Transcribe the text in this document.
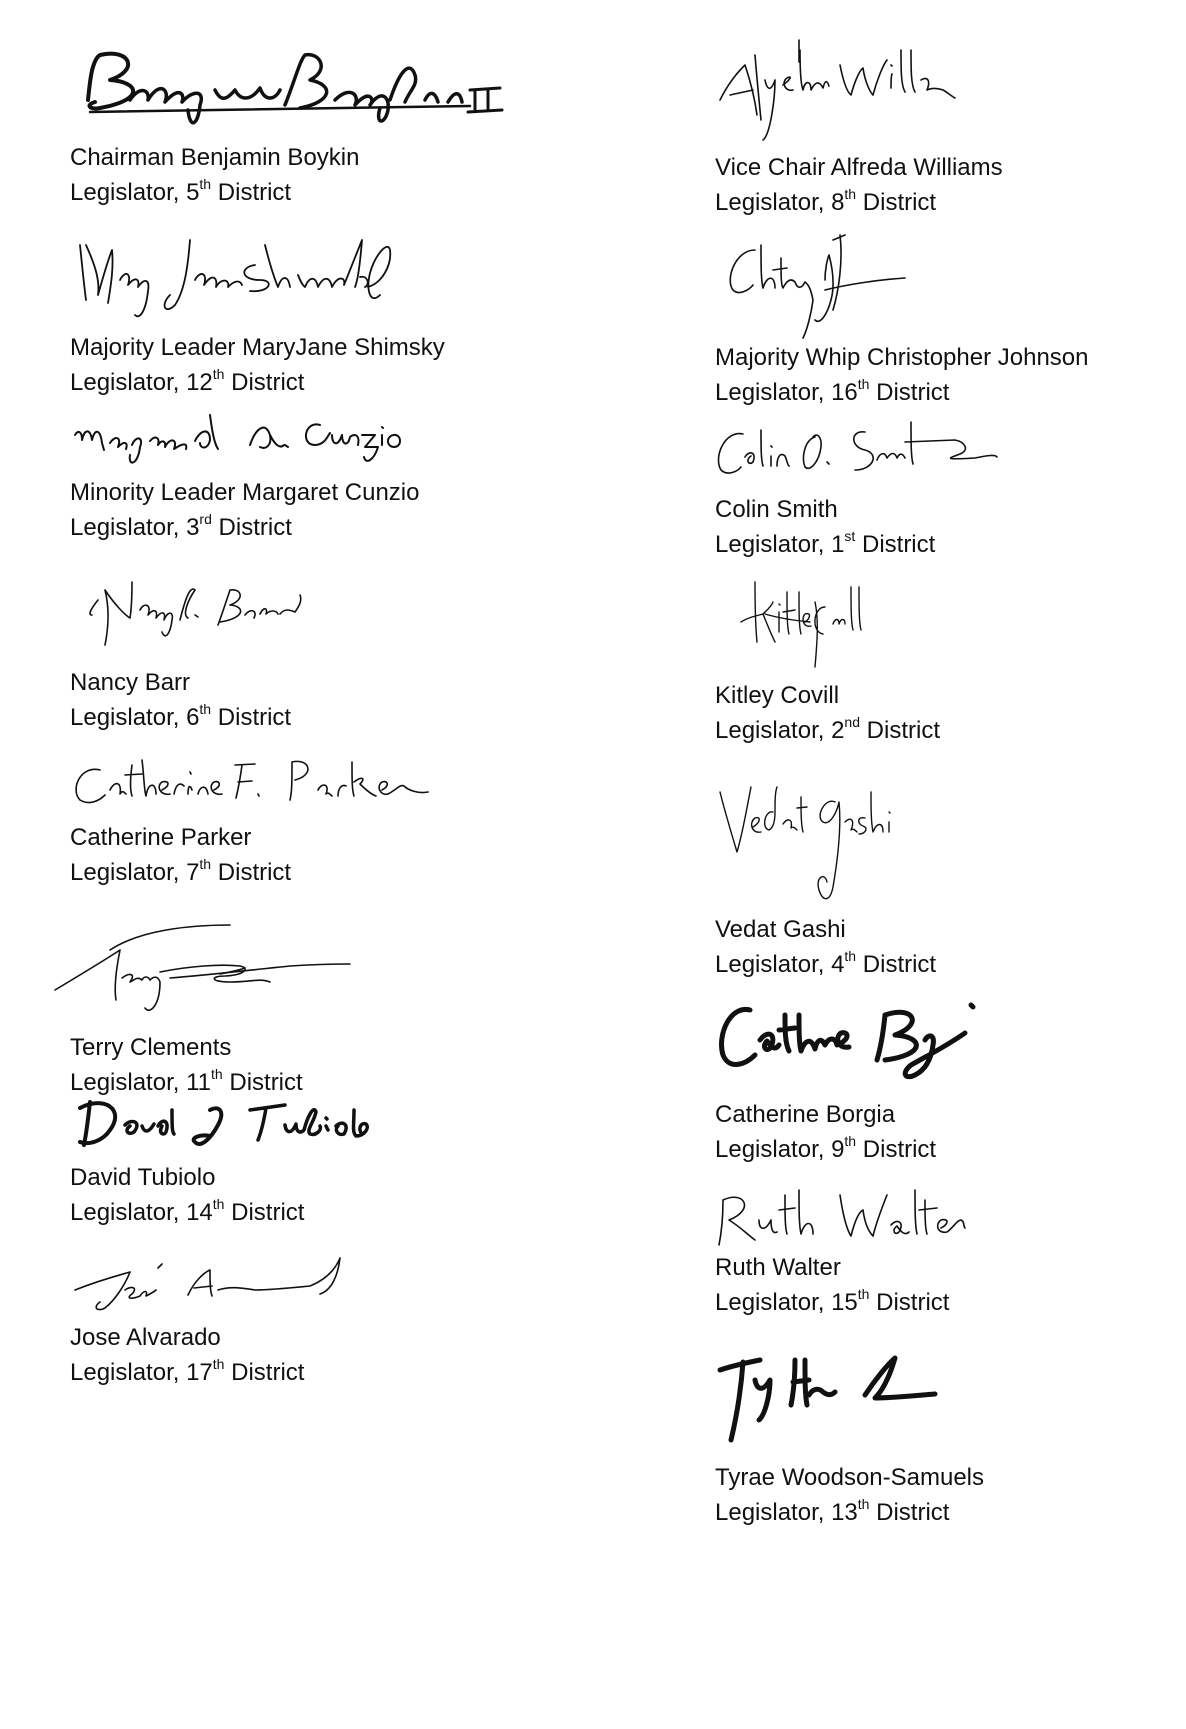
Chairman Benjamin Boykin
Legislator, 5th District
Majority Leader MaryJane Shimsky
Legislator, 12th District
Minority Leader Margaret Cunzio
Legislator, 3rd District
Nancy Barr
Legislator, 6th District
Catherine Parker
Legislator, 7th District
Terry Clements
Legislator, 11th District
David Tubiolo
Legislator, 14th District
Jose Alvarado
Legislator, 17th District
Vice Chair Alfreda Williams
Legislator, 8th District
Majority Whip Christopher Johnson
Legislator, 16th District
Colin Smith
Legislator, 1st District
Kitley Covill
Legislator, 2nd District
Vedat Gashi
Legislator, 4th District
Catherine Borgia
Legislator, 9th District
Ruth Walter
Legislator, 15th District
Tyrae Woodson-Samuels
Legislator, 13th District
